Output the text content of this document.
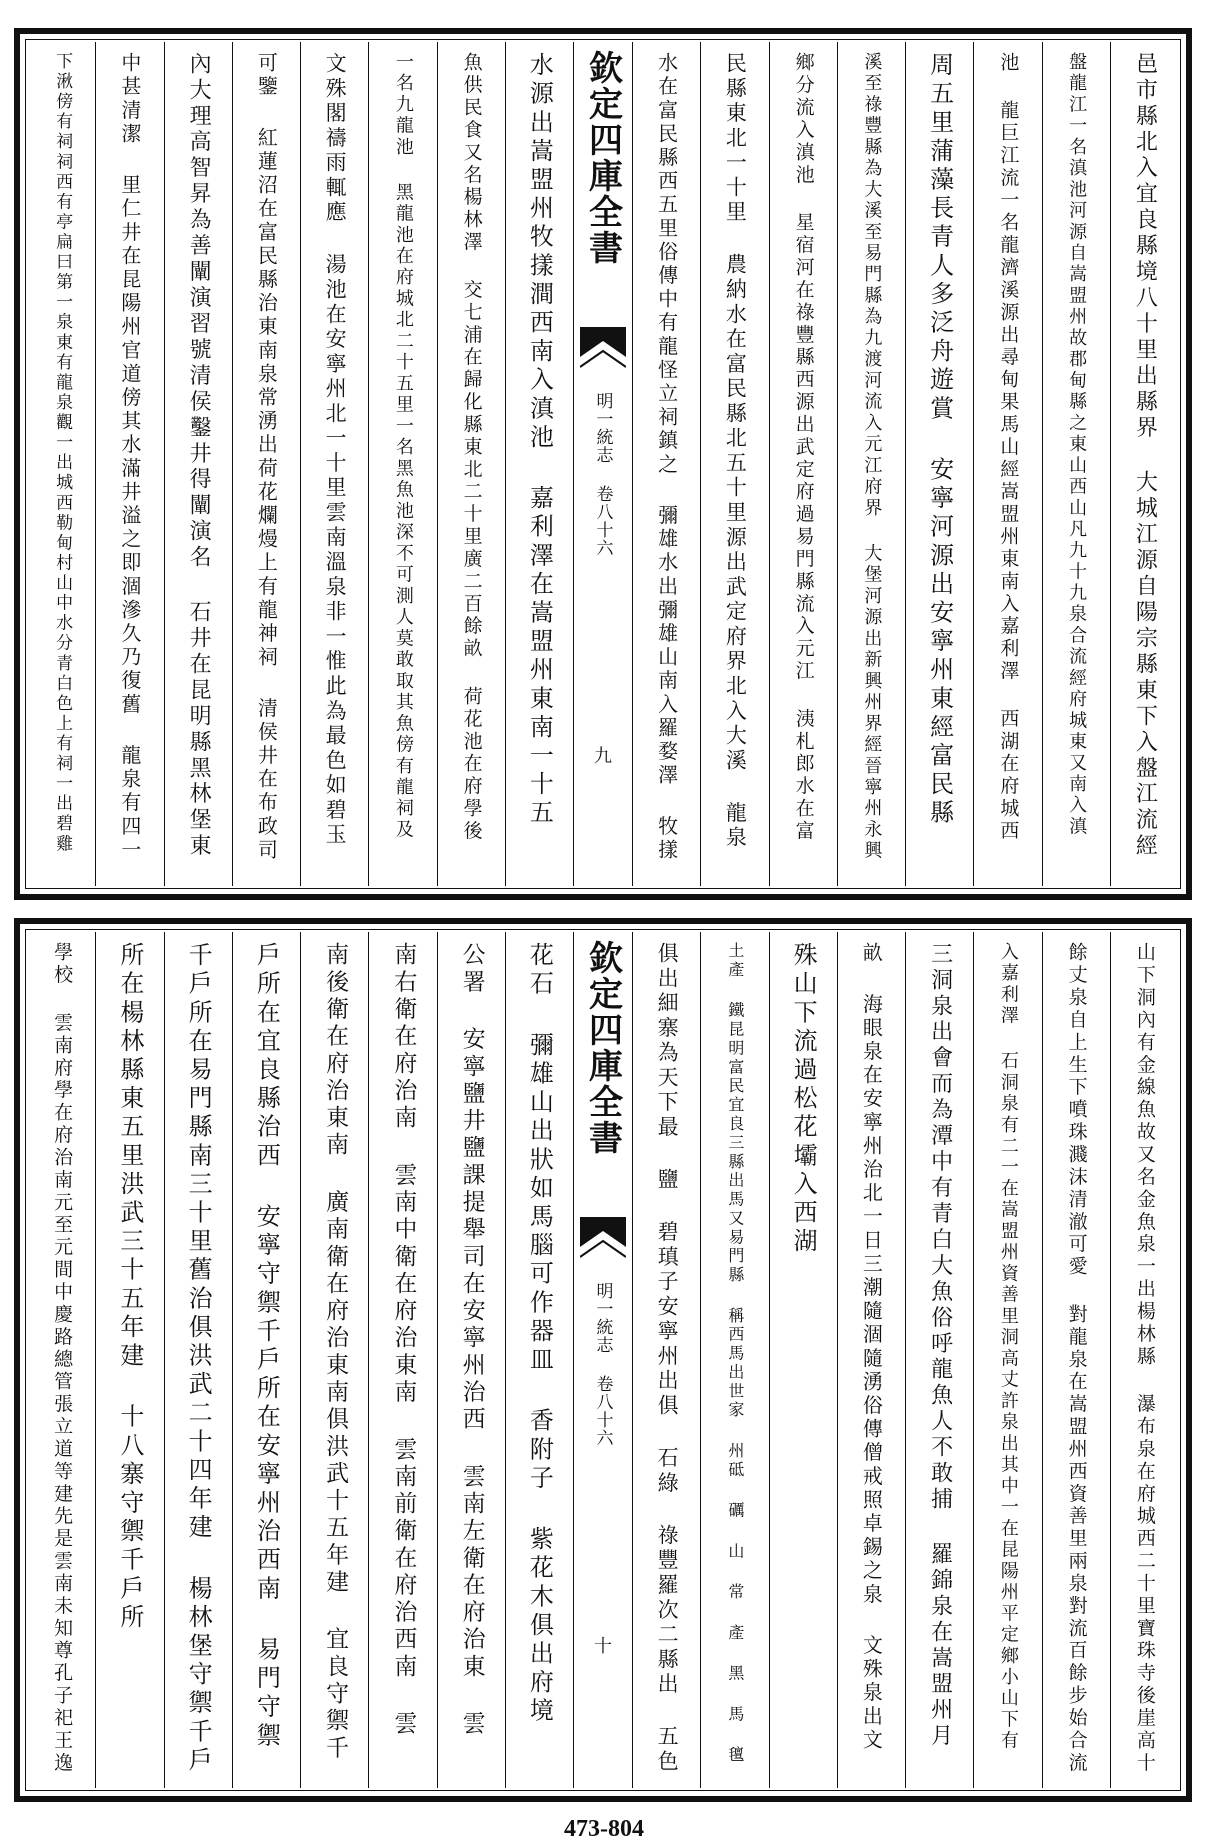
邑市縣北入宜良縣境八十里出縣界 大城江源自陽宗縣東下入盤江流經
盤龍江一名滇池河源自嵩盟州故郡甸縣之東山西山凡九十九泉合流經府城東又南入滇
池 龍巨江流一名龍濟溪源出尋甸果馬山經嵩盟州東南入嘉利澤 西湖在府城西
周五里蒲藻長青人多泛舟遊賞 安寧河源出安寧州東經富民縣
溪至祿豐縣為大溪至易門縣為九渡河流入元江府界 大堡河源出新興州界經晉寧州永興
鄉分流入滇池 星宿河在祿豐縣西源出武定府過易門縣流入元江 洟札郎水在富
民縣東北一十里 農納水在富民縣北五十里源出武定府界北入大溪 龍泉
水在富民縣西五里俗傳中有龍怪立祠鎮之 彌雄水出彌雄山南入羅婺澤 牧㨾
欽定四庫全書
明一統志 卷八十六
九
水源出嵩盟州牧㨾澗西南入滇池 嘉利澤在嵩盟州東南一十五
魚供民食又名楊林澤 交七浦在歸化縣東北二十里廣二百餘畝 荷花池在府學後
一名九龍池 黑龍池在府城北二十五里一名黑魚池深不可測人莫敢取其魚傍有龍祠及
文殊閣禱雨輒應 湯池在安寧州北一十里雲南溫泉非一惟此為最色如碧玉
可鑒 紅蓮沼在富民縣治東南泉常湧出荷花爛熳上有龍神祠 清侯井在布政司
內大理高智昇為善闡演習號清侯鑿井得闡演名 石井在昆明縣黑林堡東
中甚清潔 里仁井在昆陽州官道傍其水滿井溢之即涸滲久乃復舊 龍泉有四一
下湫傍有祠祠西有亭扁曰第一泉東有龍泉觀一出城西勒甸村山中水分青白色上有祠一出碧雞
山下洞內有金線魚故又名金魚泉一出楊林縣 瀑布泉在府城西二十里寶珠寺後崖高十
餘丈泉自上生下噴珠濺沫清澈可愛 對龍泉在嵩盟州西資善里兩泉對流百餘步始合流
入嘉利澤 石洞泉有二一在嵩盟州資善里洞高丈許泉出其中一在昆陽州平定鄉小山下有
三洞泉出會而為潭中有青白大魚俗呼龍魚人不敢捕 羅錦泉在嵩盟州月
畝 海眼泉在安寧州治北一日三潮隨涸隨湧俗傳僧戒照卓錫之泉 文殊泉出文
殊山下流過松花壩入西湖
土產 鐵昆明富民宜良三縣出馬又易門縣 稱西馬出世家 州砥 礪 山 常 產 黑 馬 氊
俱出細寨為天下最 鹽 碧瑱子安寧州出俱 石綠 祿豐羅次二縣出 五色
欽定四庫全書
明一統志 卷八十六
十
花石 彌雄山出狀如馬腦可作器皿 香附子 紫花木俱出府境
公署 安寧鹽井鹽課提舉司在安寧州治西 雲南左衛在府治東 雲
南右衛在府治南 雲南中衛在府治東南 雲南前衛在府治西南 雲
南後衛在府治東南 廣南衛在府治東南俱洪武十五年建 宜良守禦千
戶所在宜良縣治西 安寧守禦千戶所在安寧州治西南 易門守禦
千戶所在易門縣南三十里舊治俱洪武二十四年建 楊林堡守禦千戶
所在楊林縣東五里洪武三十五年建 十八寨守禦千戶所
學校 雲南府學在府治南元至元間中慶路總管張立道等建先是雲南未知尊孔子祀王逸
473-804
